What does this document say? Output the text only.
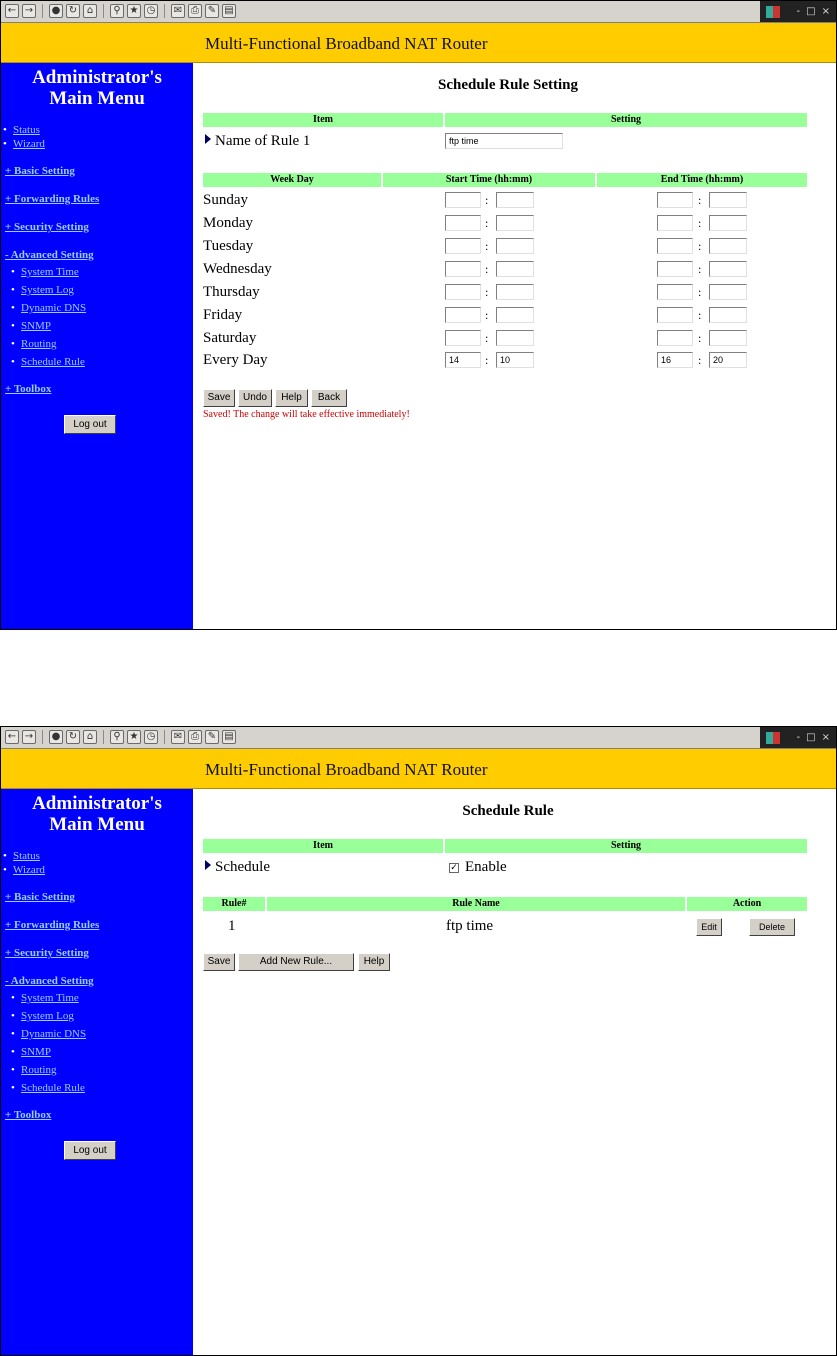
← → ● ↻ ⌂	⚲ ★ ◷ ✉ ⎙ ✎ ▤	- □ ×
Multi-Functional Broadband NAT Router
Administrator's
Main Menu
• Status
• Wizard
+ Basic Setting
+ Forwarding Rules
+ Security Setting
- Advanced Setting
• System Time
• System Log
• Dynamic DNS
• SNMP
• Routing
• Schedule Rule
+ Toolbox
Log out
Schedule Rule Setting
Item	Setting
Name of Rule 1	ftp time
Week Day	Start Time (hh:mm)	End Time (hh:mm)
Sunday	:	:
Monday	:	:
Tuesday	:	:
Wednesday	:	:
Thursday	:	:
Friday	:	:
Saturday	:	:
Every Day	14	:	10	16	:	20
Save	Undo	Help	Back
Saved! The change will take effective immediately!
← → ● ↻ ⌂	⚲ ★ ◷ ✉ ⎙ ✎ ▤	- □ ×
Multi-Functional Broadband NAT Router
Administrator's
Main Menu
• Status
• Wizard
+ Basic Setting
+ Forwarding Rules
+ Security Setting
- Advanced Setting
• System Time
• System Log
• Dynamic DNS
• SNMP
• Routing
• Schedule Rule
+ Toolbox
Log out
Schedule Rule
Item	Setting
Schedule	✓ Enable
Rule#	Rule Name	Action
1	ftp time	Edit	Delete
Save	Add New Rule...	Help
